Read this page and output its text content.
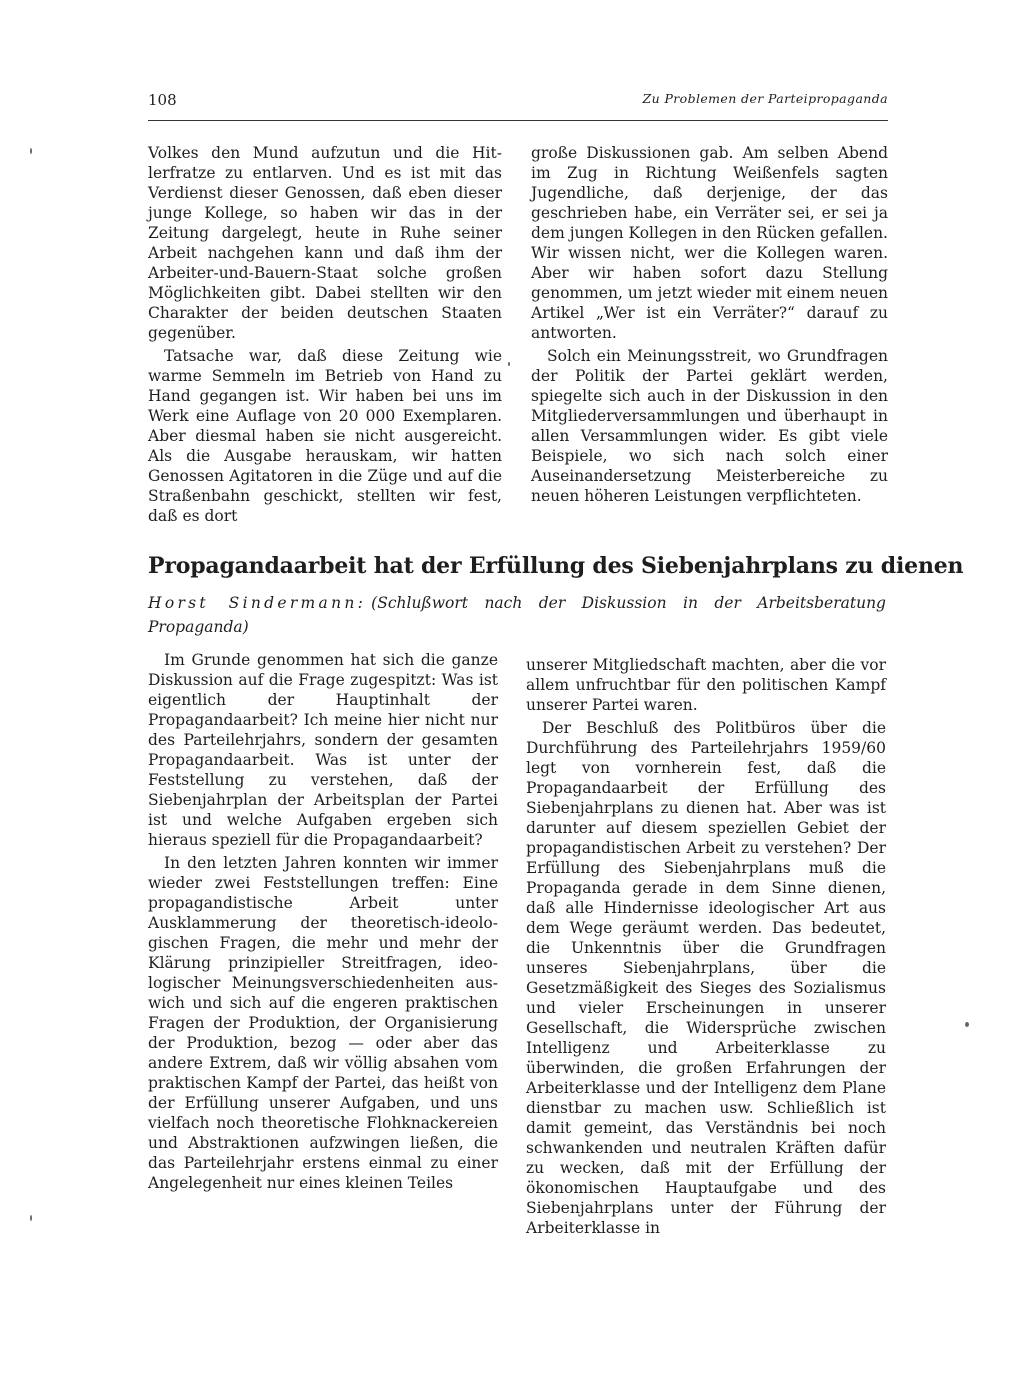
108	Zu Problemen der Parteipropaganda

Volkes den Mund aufzutun und die Hitlerfratze zu entlarven. Und es ist mit das Verdienst dieser Genossen, daß eben dieser junge Kollege, so haben wir das in der Zeitung dargelegt, heute in Ruhe seiner Arbeit nachgehen kann und daß ihm der Arbeiter-und-Bauern-Staat solche großen Möglichkeiten gibt. Dabei stellten wir den Charakter der beiden deutschen Staaten gegenüber.

Tatsache war, daß diese Zeitung wie warme Semmeln im Betrieb von Hand zu Hand gegangen ist. Wir haben bei uns im Werk eine Auflage von 20 000 Exemplaren. Aber diesmal haben sie nicht ausgereicht. Als die Ausgabe herauskam, wir hatten Genossen Agitatoren in die Züge und auf die Straßenbahn geschickt, stellten wir fest, daß es dort

große Diskussionen gab. Am selben Abend im Zug in Richtung Weißenfels sagten Jugendliche, daß derjenige, der das geschrieben habe, ein Verräter sei, er sei ja dem jungen Kollegen in den Rücken gefallen. Wir wissen nicht, wer die Kollegen waren. Aber wir haben sofort dazu Stellung genommen, um jetzt wieder mit einem neuen Artikel „Wer ist ein Verräter?“ darauf zu antworten.

Solch ein Meinungsstreit, wo Grundfragen der Politik der Partei geklärt werden, spiegelte sich auch in der Diskussion in den Mitgliederversammlungen und überhaupt in allen Versammlungen wider. Es gibt viele Beispiele, wo sich nach solch einer Auseinandersetzung Meisterbereiche zu neuen höheren Leistungen verpflichteten.

Propagandaarbeit hat der Erfüllung des Siebenjahrplans zu dienen
Horst Sindermann: (Schlußwort nach der Diskussion in der Arbeitsberatung Propaganda)

Im Grunde genommen hat sich die ganze Diskussion auf die Frage zugespitzt: Was ist eigentlich der Hauptinhalt der Propagandaarbeit? Ich meine hier nicht nur des Parteilehrjahrs, sondern der gesamten Propagandaarbeit. Was ist unter der Feststellung zu verstehen, daß der Siebenjahrplan der Arbeitsplan der Partei ist und welche Aufgaben ergeben sich hieraus speziell für die Propagandaarbeit?

In den letzten Jahren konnten wir immer wieder zwei Feststellungen treffen: Eine propagandistische Arbeit unter Ausklammerung der theoretisch-ideologischen Fragen, die mehr und mehr der Klärung prinzipieller Streitfragen, ideologischer Meinungsverschiedenheiten auswich und sich auf die engeren praktischen Fragen der Produktion, der Organisierung der Produktion, bezog — oder aber das andere Extrem, daß wir völlig absahen vom praktischen Kampf der Partei, das heißt von der Erfüllung unserer Aufgaben, und uns vielfach noch theoretische Flohknackereien und Abstraktionen aufzwingen ließen, die das Parteilehrjahr erstens einmal zu einer Angelegenheit nur eines kleinen Teiles

unserer Mitgliedschaft machten, aber die vor allem unfruchtbar für den politischen Kampf unserer Partei waren.

Der Beschluß des Politbüros über die Durchführung des Parteilehrjahrs 1959/60 legt von vornherein fest, daß die Propagandaarbeit der Erfüllung des Siebenjahrplans zu dienen hat. Aber was ist darunter auf diesem speziellen Gebiet der propagandistischen Arbeit zu verstehen? Der Erfüllung des Siebenjahrplans muß die Propaganda gerade in dem Sinne dienen, daß alle Hindernisse ideologischer Art aus dem Wege geräumt werden. Das bedeutet, die Unkenntnis über die Grundfragen unseres Siebenjahrplans, über die Gesetzmäßigkeit des Sieges des Sozialismus und vieler Erscheinungen in unserer Gesellschaft, die Widersprüche zwischen Intelligenz und Arbeiterklasse zu überwinden, die großen Erfahrungen der Arbeiterklasse und der Intelligenz dem Plane dienstbar zu machen usw. Schließlich ist damit gemeint, das Verständnis bei noch schwankenden und neutralen Kräften dafür zu wecken, daß mit der Erfüllung der ökonomischen Hauptaufgabe und des Siebenjahrplans unter der Führung der Arbeiterklasse in
